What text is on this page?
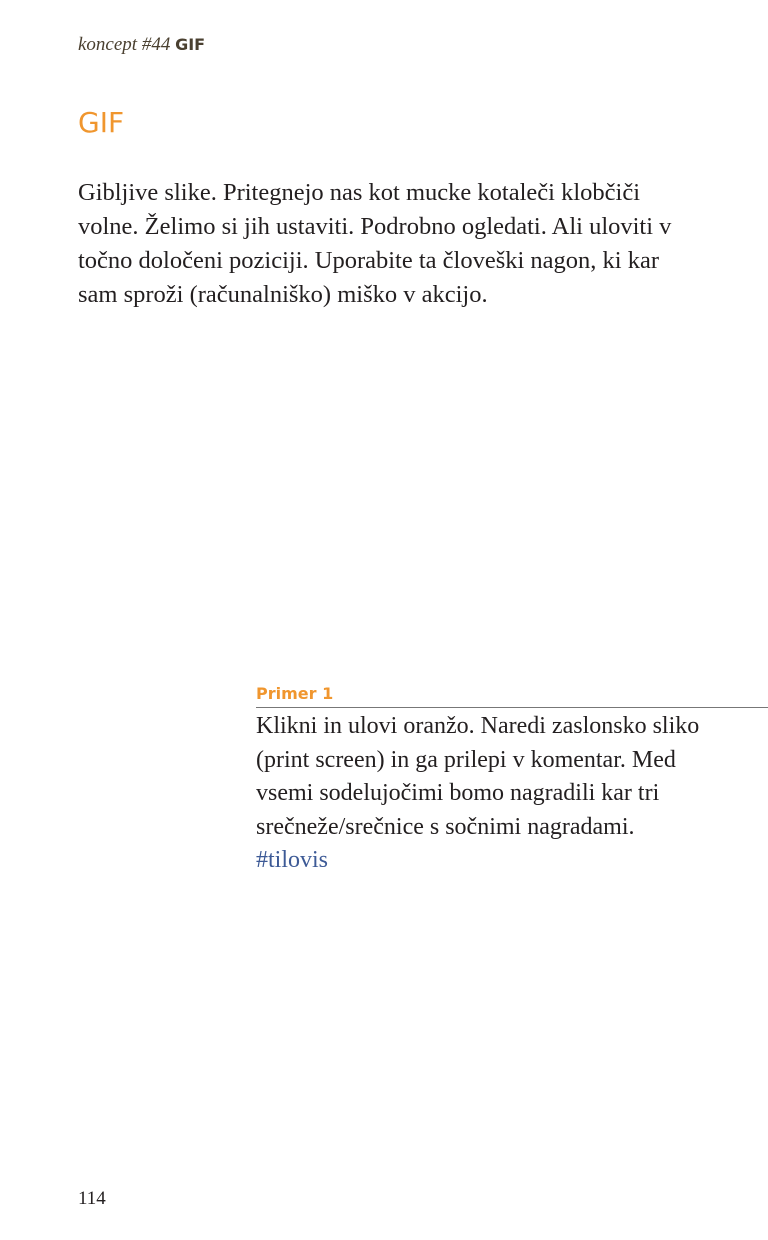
koncept #44 GIF
GIF

Gibljive slike. Pritegnejo nas kot mucke kotaleči klobčiči volne. Želimo si jih ustaviti. Podrobno ogledati. Ali uloviti v točno določeni poziciji. Uporabite ta človeški nagon, ki kar sam sproži (računalniško) miško v akcijo.

Primer 1

Klikni in ulovi oranžo. Naredi zaslonsko sliko (print screen) in ga prilepi v komentar. Med vsemi sodelujočimi bomo nagradili kar tri srečneže/srečnice s sočnimi nagradami. #tilovis

114
